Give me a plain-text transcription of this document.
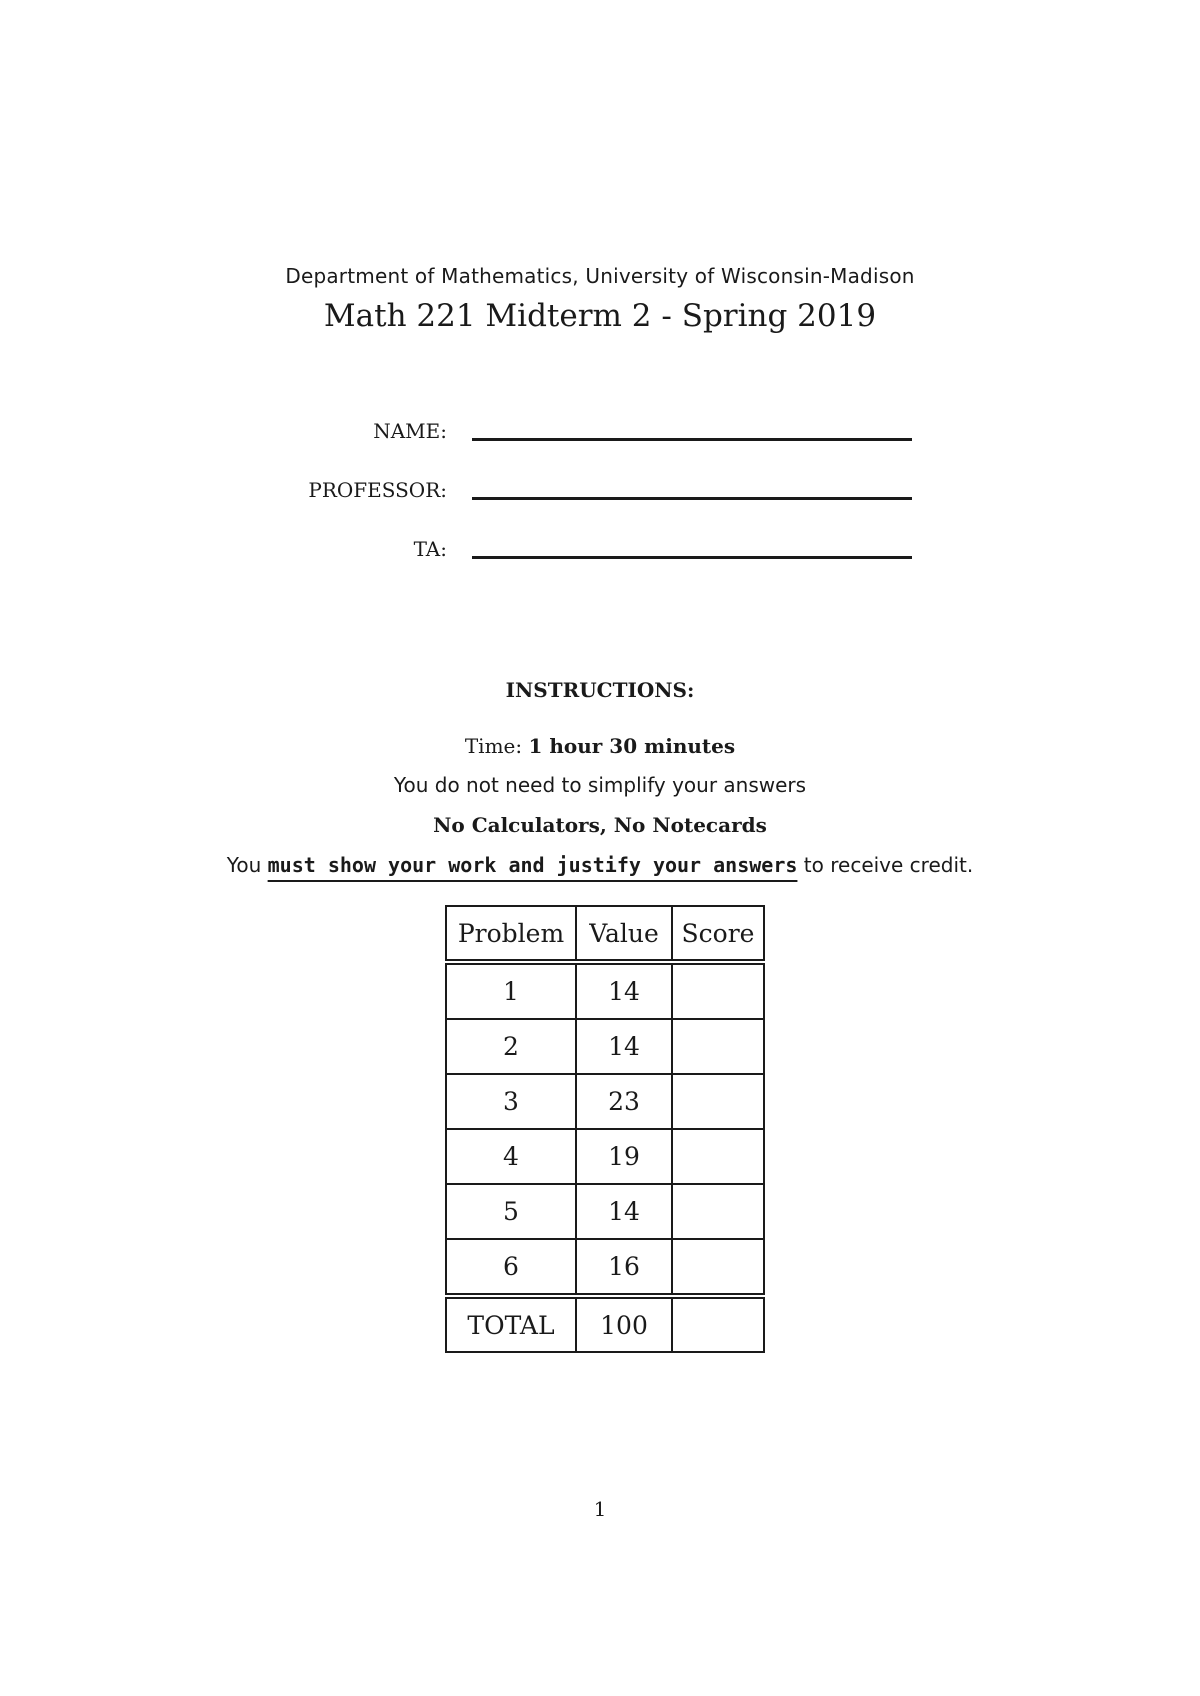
Department of Mathematics, University of Wisconsin-Madison
Math 221 Midterm 2 - Spring 2019
NAME:
PROFESSOR:
TA:
INSTRUCTIONS:
Time: 1 hour 30 minutes
You do not need to simplify your answers
No Calculators, No Notecards
You must show your work and justify your answers to receive credit.
Problem	Value	Score
1	14	
2	14	
3	23	
4	19	
5	14	
6	16	
TOTAL	100	
1
